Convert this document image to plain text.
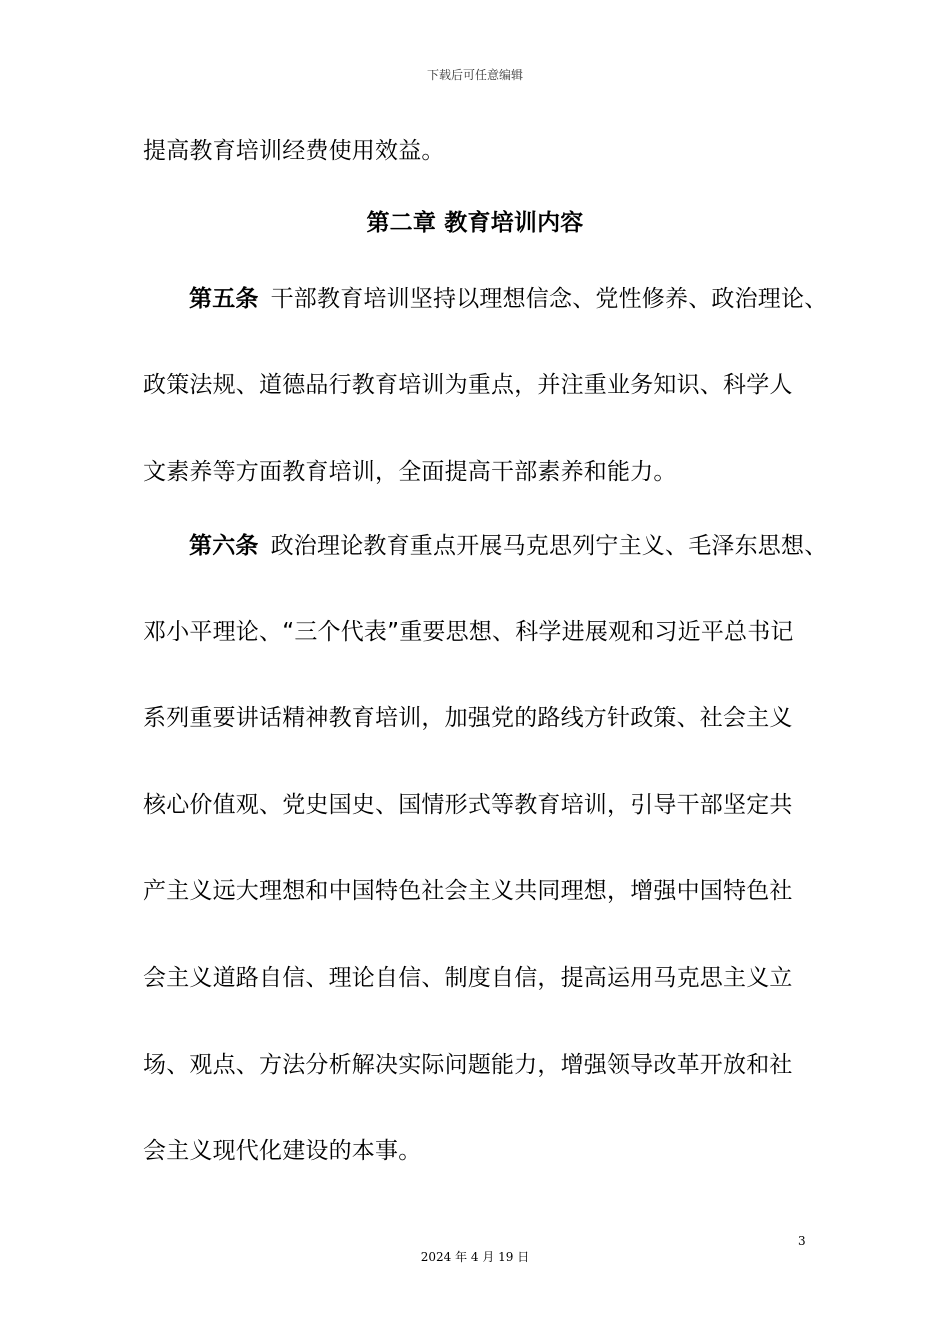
下载后可任意编辑
提高教育培训经费使用效益。
第二章 教育培训内容
第五条 干部教育培训坚持以理想信念、党性修养、政治理论、
政策法规、道德品行教育培训为重点，并注重业务知识、科学人
文素养等方面教育培训，全面提高干部素养和能力。
第六条 政治理论教育重点开展马克思列宁主义、毛泽东思想、
邓小平理论、“三个代表”重要思想、科学进展观和习近平总书记
系列重要讲话精神教育培训，加强党的路线方针政策、社会主义
核心价值观、党史国史、国情形式等教育培训，引导干部坚定共
产主义远大理想和中国特色社会主义共同理想，增强中国特色社
会主义道路自信、理论自信、制度自信，提高运用马克思主义立
场、观点、方法分析解决实际问题能力，增强领导改革开放和社
会主义现代化建设的本事。
3
2024 年 4 月 19 日
